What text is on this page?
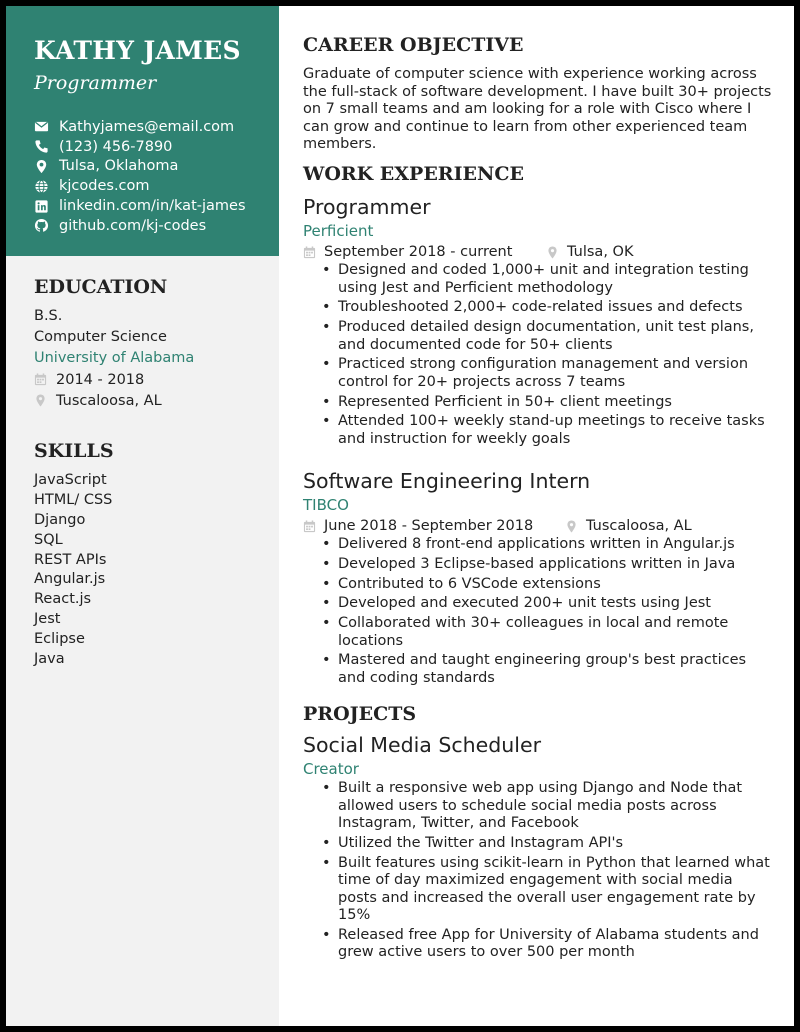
KATHY JAMES
Programmer
Kathyjames@email.com
(123) 456-7890
Tulsa, Oklahoma
kjcodes.com
linkedin.com/in/kat-james
github.com/kj-codes
EDUCATION
B.S.
Computer Science
University of Alabama
2014 - 2018
Tuscaloosa, AL
SKILLS
JavaScript
HTML/ CSS
Django
SQL
REST APIs
Angular.js
React.js
Jest
Eclipse
Java
CAREER OBJECTIVE
Graduate of computer science with experience working across the full-stack of software development. I have built 30+ projects on 7 small teams and am looking for a role with Cisco where I can grow and continue to learn from other experienced team members.
WORK EXPERIENCE
Programmer
Perficient
September 2018 - current	Tulsa, OK
• Designed and coded 1,000+ unit and integration testing using Jest and Perficient methodology
• Troubleshooted 2,000+ code-related issues and defects
• Produced detailed design documentation, unit test plans, and documented code for 50+ clients
• Practiced strong configuration management and version control for 20+ projects across 7 teams
• Represented Perficient in 50+ client meetings
• Attended 100+ weekly stand-up meetings to receive tasks and instruction for weekly goals
Software Engineering Intern
TIBCO
June 2018 - September 2018	Tuscaloosa, AL
• Delivered 8 front-end applications written in Angular.js
• Developed 3 Eclipse-based applications written in Java
• Contributed to 6 VSCode extensions
• Developed and executed 200+ unit tests using Jest
• Collaborated with 30+ colleagues in local and remote locations
• Mastered and taught engineering group's best practices and coding standards
PROJECTS
Social Media Scheduler
Creator
• Built a responsive web app using Django and Node that allowed users to schedule social media posts across Instagram, Twitter, and Facebook
• Utilized the Twitter and Instagram API's
• Built features using scikit-learn in Python that learned what time of day maximized engagement with social media posts and increased the overall user engagement rate by 15%
• Released free App for University of Alabama students and grew active users to over 500 per month
